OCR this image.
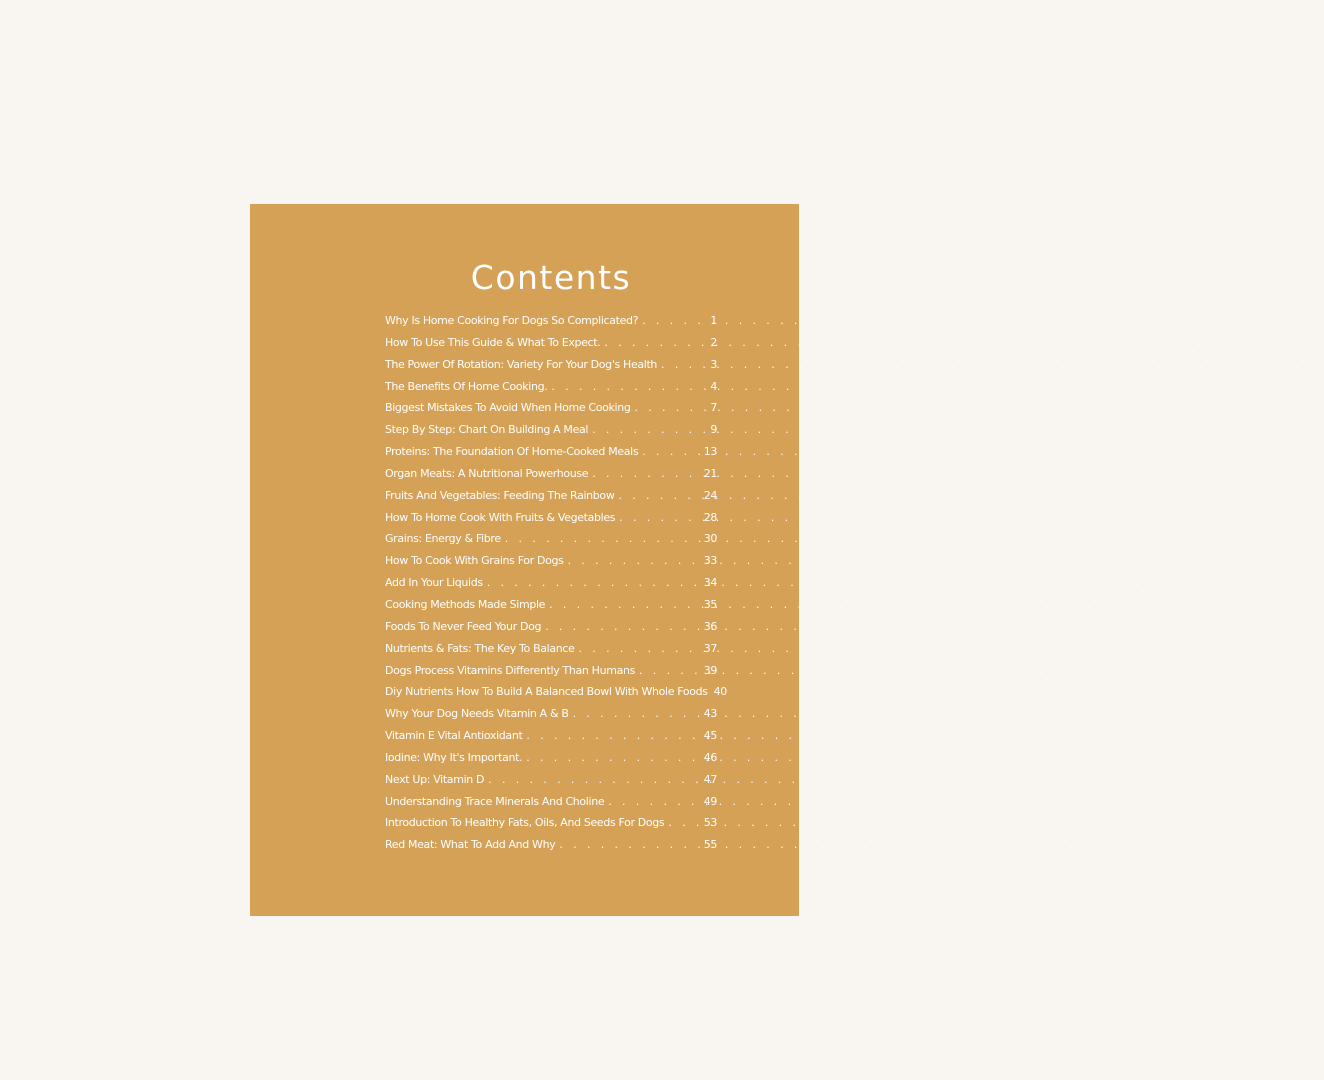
Contents
Why Is Home Cooking For Dogs So Complicated? . . .	1
How To Use This Guide & What To Expect. . . .	2
The Power Of Rotation: Variety For Your Dog's Health . . .	3
The Benefits Of Home Cooking. . . .	4
Biggest Mistakes To Avoid When Home Cooking . . .	7
Step By Step: Chart On Building A Meal . . .	9
Proteins: The Foundation Of Home-Cooked Meals . . .	13
Organ Meats: A Nutritional Powerhouse . . .	21
Fruits And Vegetables: Feeding The Rainbow . . .	24
How To Home Cook With Fruits & Vegetables . . .	28
Grains: Energy & Fibre . . .	30
How To Cook With Grains For Dogs . . .	33
Add In Your Liquids . . .	34
Cooking Methods Made Simple . . .	35
Foods To Never Feed Your Dog . . .	36
Nutrients & Fats: The Key To Balance . . .	37
Dogs Process Vitamins Differently Than Humans . . .	39
Diy Nutrients How To Build A Balanced Bowl With Whole Foods 40
Why Your Dog Needs Vitamin A & B . . .	43
Vitamin E Vital Antioxidant . . .	45
Iodine: Why It's Important. . . .	46
Next Up: Vitamin D . . .	47
Understanding Trace Minerals And Choline . . .	49
Introduction To Healthy Fats, Oils, And Seeds For Dogs . . .	53
Red Meat: What To Add And Why . . .	55
